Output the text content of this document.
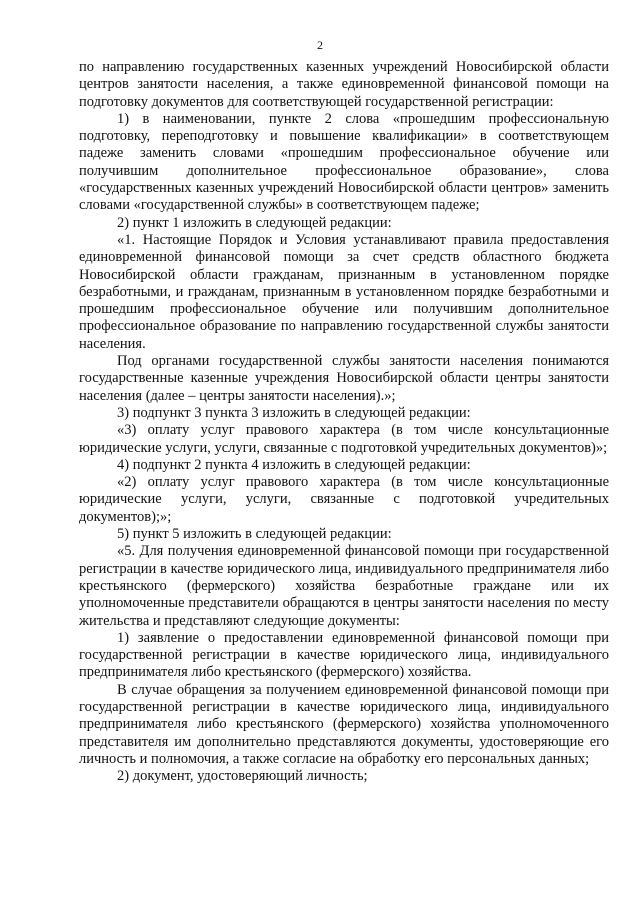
2

по направлению государственных казенных учреждений Новосибирской области центров занятости населения, а также единовременной финансовой помощи на подготовку документов для соответствующей государственной регистрации:

1) в наименовании, пункте 2 слова «прошедшим профессиональную подготовку, переподготовку и повышение квалификации» в соответствующем падеже заменить словами «прошедшим профессиональное обучение или получившим дополнительное профессиональное образование», слова «государственных казенных учреждений Новосибирской области центров» заменить словами «государственной службы» в соответствующем падеже;

2) пункт 1 изложить в следующей редакции:

«1. Настоящие Порядок и Условия устанавливают правила предоставления единовременной финансовой помощи за счет средств областного бюджета Новосибирской области гражданам, признанным в установленном порядке безработными, и гражданам, признанным в установленном порядке безработными и прошедшим профессиональное обучение или получившим дополнительное профессиональное образование по направлению государственной службы занятости населения.

Под органами государственной службы занятости населения понимаются государственные казенные учреждения Новосибирской области центры занятости населения (далее – центры занятости населения).»;

3) подпункт 3 пункта 3 изложить в следующей редакции:

«3) оплату услуг правового характера (в том числе консультационные юридические услуги, услуги, связанные с подготовкой учредительных документов)»;

4) подпункт 2 пункта 4 изложить в следующей редакции:

«2) оплату услуг правового характера (в том числе консультационные юридические услуги, услуги, связанные с подготовкой учредительных документов);»;

5) пункт 5 изложить в следующей редакции:

«5. Для получения единовременной финансовой помощи при государственной регистрации в качестве юридического лица, индивидуального предпринимателя либо крестьянского (фермерского) хозяйства безработные граждане или их уполномоченные представители обращаются в центры занятости населения по месту жительства и представляют следующие документы:

1) заявление о предоставлении единовременной финансовой помощи при государственной регистрации в качестве юридического лица, индивидуального предпринимателя либо крестьянского (фермерского) хозяйства.

В случае обращения за получением единовременной финансовой помощи при государственной регистрации в качестве юридического лица, индивидуального предпринимателя либо крестьянского (фермерского) хозяйства уполномоченного представителя им дополнительно представляются документы, удостоверяющие его личность и полномочия, а также согласие на обработку его персональных данных;

2) документ, удостоверяющий личность;
